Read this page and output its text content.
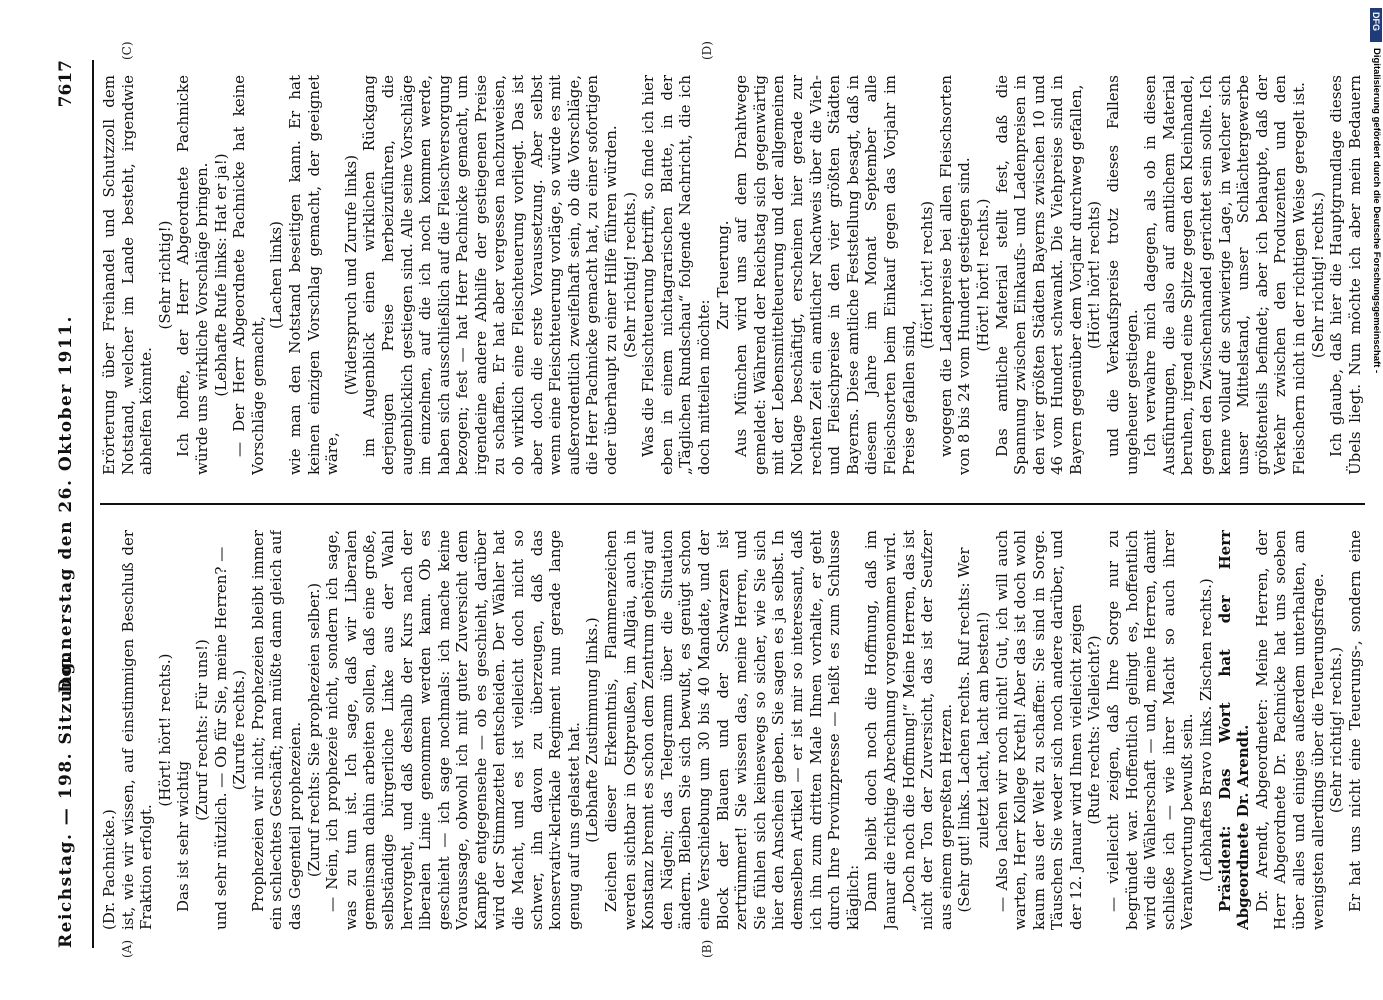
Reichstag. — 198. Sitzung.
Donnerstag den 26. Oktober 1911.
7617
(A)	(B)
(C)	(D)

(Dr. Pachnicke.) ist, wie wir wissen, auf einstimmigen Beschluß der Fraktion erfolgt.

(Hört! hört! rechts.)

Das ist sehr wichtig

(Zuruf rechts: Für uns!) und sehr nützlich. — Ob für Sie, meine Herren? — (Zurufe rechts.) Prophezeien wir nicht; Prophezeien bleibt immer ein schlechtes Geschäft; man müßte dann gleich auf das Gegenteil prophezeien. (Zuruf rechts: Sie prophezeien selber.) — Nein, ich prophezeie nicht, sondern ich sage, was zu tun ist. Ich sage, daß wir Liberalen gemeinsam dahin arbeiten sollen, daß eine große, selbständige bürgerliche Linke aus der Wahl hervorgeht, und daß deshalb der Kurs nach der liberalen Linie genommen werden kann. Ob es geschieht — ich sage nochmals: ich mache keine Voraussage, obwohl ich mit guter Zuversicht dem Kampfe entgegensehe — ob es geschieht, darüber wird der Stimmzettel entscheiden. Der Wähler hat die Macht, und es ist vielleicht doch nicht so schwer, ihn davon zu überzeugen, daß das konservativ-klerikale Regiment nun gerade lange genug auf uns gelastet hat. (Lebhafte Zustimmung links.) Zeichen dieser Erkenntnis, Flammenzeichen werden sichtbar in Ostpreußen, im Allgäu, auch in Konstanz brennt es schon dem Zentrum gehörig auf den Nägeln; das Telegramm über die Situation ändern. Bleiben Sie sich bewußt, es genügt schon eine Verschiebung um 30 bis 40 Mandate, und der Block der Blauen und der Schwarzen ist zertrümmert! Sie wissen das, meine Herren, und Sie fühlen sich keineswegs so sicher, wie Sie sich hier den Anschein geben. Sie sagen es ja selbst. In demselben Artikel — er ist mir so interessant, daß ich ihn zum dritten Male Ihnen vorhalte, er geht durch Ihre Provinzpresse — heißt es zum Schlusse kläglich: Dann bleibt doch noch die Hoffnung, daß im Januar die richtige Abrechnung vorgenommen wird. „Doch noch die Hoffnung!“ Meine Herren, das ist nicht der Ton der Zuversicht, das ist der Seufzer aus einem gepreßten Herzen. (Sehr gut! links. Lachen rechts. Ruf rechts: Wer zuletzt lacht, lacht am besten!) — Also lachen wir noch nicht! Gut, ich will auch warten, Herr Kollege Kreth! Aber das ist doch wohl kaum aus der Welt zu schaffen: Sie sind in Sorge. Täuschen Sie weder sich noch andere darüber, und der 12. Januar wird Ihnen vielleicht zeigen (Rufe rechts: Vielleicht?) — vielleicht zeigen, daß Ihre Sorge nur zu begründet war. Hoffentlich gelingt es, hoffentlich wird die Wählerschaft — und, meine Herren, damit schließe ich — wie ihrer Macht so auch ihrer Verantwortung bewußt sein. (Lebhaftes Bravo links. Zischen rechts.) Präsident: Das Wort hat der Herr Abgeordnete Dr. Arendt. Dr. Arendt, Abgeordneter: Meine Herren, der Herr Abgeordnete Dr. Pachnicke hat uns soeben über alles und einiges außerdem unterhalten, am wenigsten allerdings über die Teuerungsfrage. (Sehr richtig! rechts.)

Er hat uns nicht eine Teuerungs-, sondern eine

Erörterung über Freihandel und Schutzzoll dem Notstand, welcher im Lande besteht, irgendwie abhelfen könnte.

(Sehr richtig!) Ich hoffte, der Herr Abgeordnete Pachnicke würde uns wirkliche Vorschläge bringen. (Lebhafte Rufe links: Hat er ja!) — Der Herr Abgeordnete Pachnicke hat keine Vorschläge gemacht,

(Lachen links) wie man den Notstand beseitigen kann. Er hat keinen einzigen Vorschlag gemacht, der geeignet wäre,

(Widerspruch und Zurufe links) im Augenblick einen wirklichen Rückgang derjenigen Preise herbeizuführen, die augenblicklich gestiegen sind. Alle seine Vorschläge im einzelnen, auf die ich noch kommen werde, haben sich ausschließlich auf die Fleischversorgung bezogen; fest — hat Herr Pachnicke gemacht, um irgendeine andere Abhilfe der gestiegenen Preise zu schaffen. Er hat aber vergessen nachzuweisen, ob wirklich eine Fleischteuerung vorliegt. Das ist aber doch die erste Voraussetzung. Aber selbst wenn eine Fleischteuerung vorläge, so würde es mit außerordentlich zweifelhaft sein, ob die Vorschläge, die Herr Pachnicke gemacht hat, zu einer sofortigen oder überhaupt zu einer Hilfe führen würden. (Sehr richtig! rechts.) Was die Fleischteuerung betrifft, so finde ich hier eben in einem nichtagrarischen Blatte, in der „Täglichen Rundschau“ folgende Nachricht, die ich doch mitteilen möchte:

Zur Teuerung. Aus München wird uns auf dem Drahtwege gemeldet: Während der Reichstag sich gegenwärtig mit der Lebensmittelteuerung und der allgemeinen Notlage beschäftigt, erscheinen hier gerade zur rechten Zeit ein amtlicher Nachweis über die Vieh- und Fleischpreise in den vier größten Städten Bayerns. Diese amtliche Feststellung besagt, daß in diesem Jahre im Monat September alle Fleischsorten beim Einkauf gegen das Vorjahr im Preise gefallen sind,

(Hört! hört! rechts) wogegen die Ladenpreise bei allen Fleischsorten von 8 bis 24 vom Hundert gestiegen sind. (Hört! hört! rechts.) Das amtliche Material stellt fest, daß die Spannung zwischen Einkaufs- und Ladenpreisen in den vier größten Städten Bayerns zwischen 10 und 46 vom Hundert schwankt. Die Viehpreise sind in Bayern gegenüber dem Vorjahr durchweg gefallen, (Hört! hört! rechts) und die Verkaufspreise trotz dieses Fallens ungeheuer gestiegen. Ich verwahre mich dagegen, als ob in diesen Ausführungen, die also auf amtlichem Material beruhen, irgend eine Spitze gegen den Kleinhandel, gegen den Zwischenhandel gerichtet sein sollte. Ich kenne vollauf die schwierige Lage, in welcher sich unser Mittelstand, unser Schlächtergewerbe größtenteils befindet; aber ich behaupte, daß der Verkehr zwischen den Produzenten und den Fleischern nicht in der richtigen Weise geregelt ist. (Sehr richtig! rechts.)

Ich glaube, daß hier die Hauptgrundlage dieses Übels liegt. Nun möchte ich aber mein Bedauern

DFG
Digitalisierung gefördert durch die Deutsche Forschungsgemeinschaft -
